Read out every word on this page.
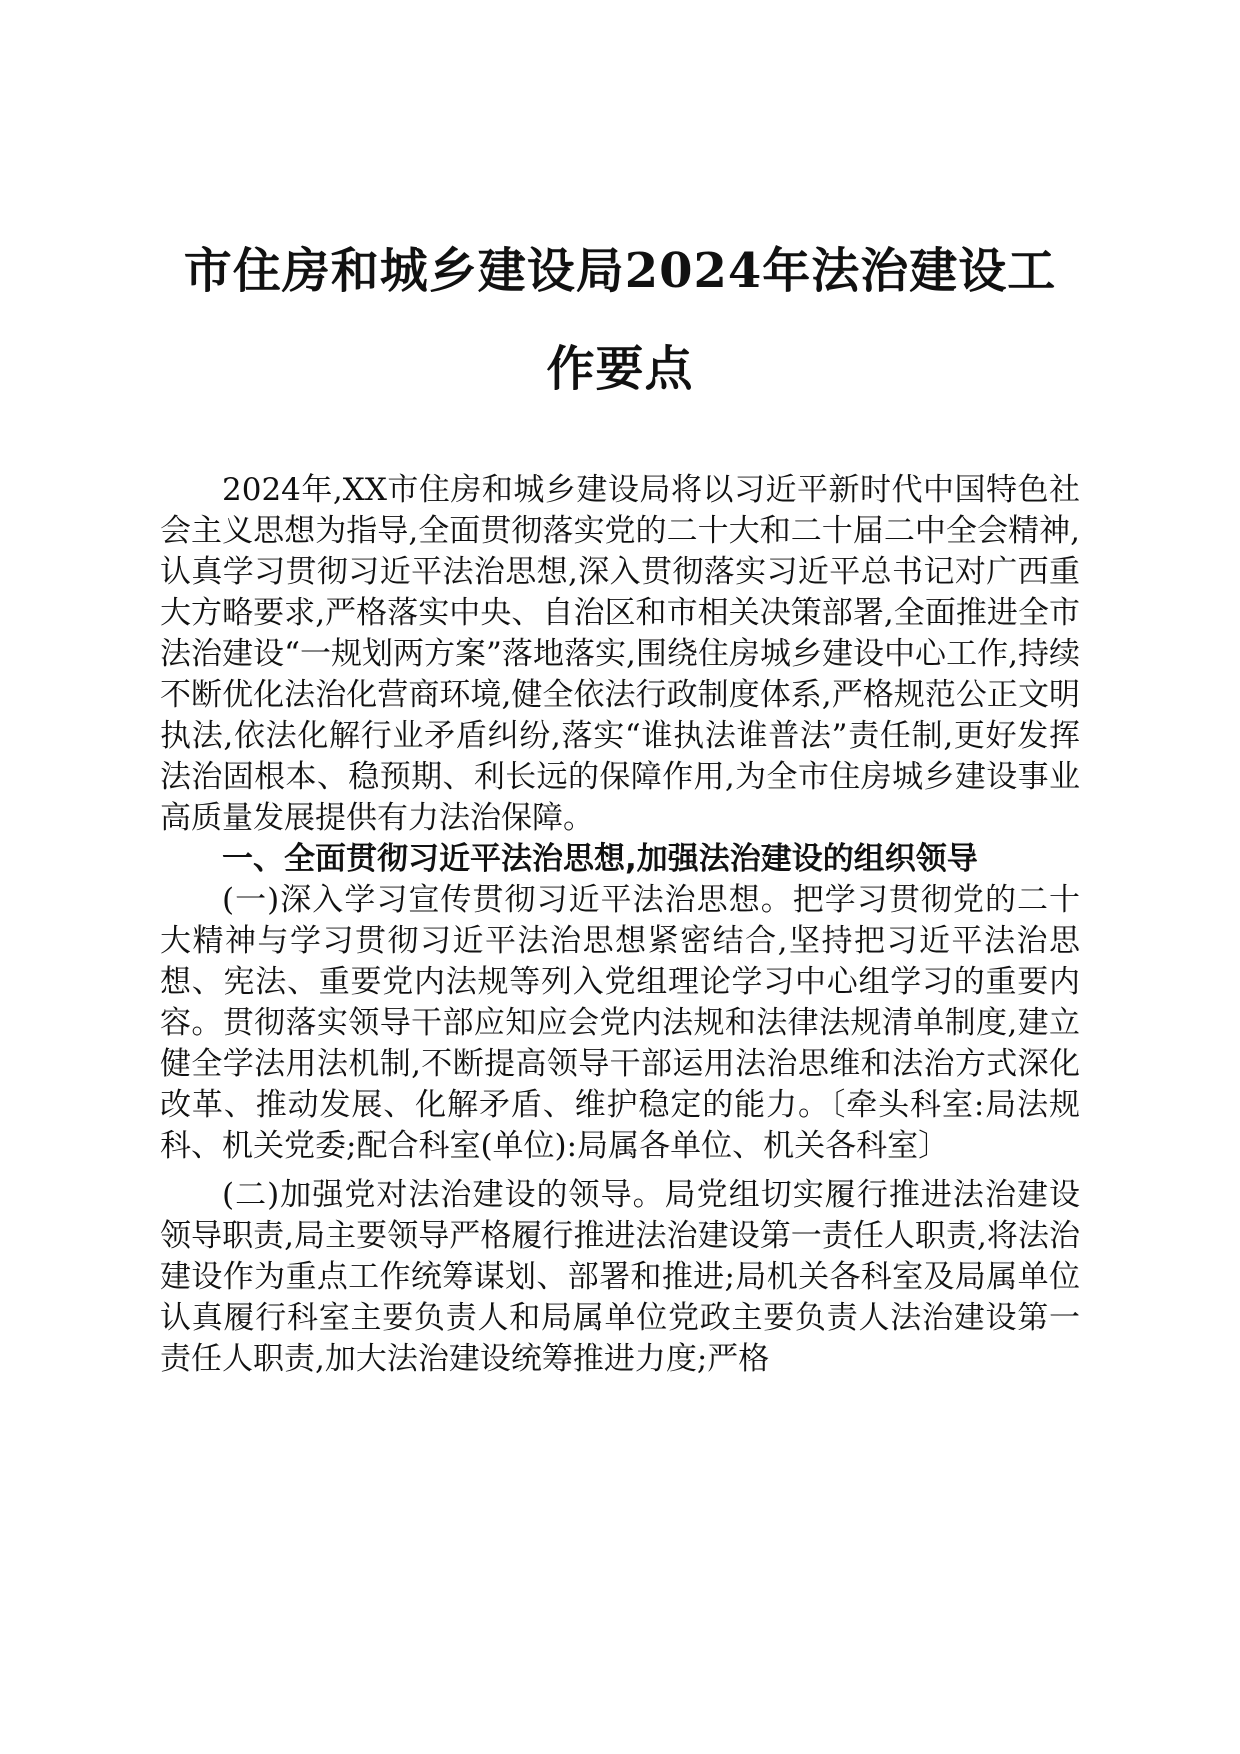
市住房和城乡建设局2024年法治建设工作要点

2024年,XX市住房和城乡建设局将以习近平新时代中国特色社会主义思想为指导,全面贯彻落实党的二十大和二十届二中全会精神,认真学习贯彻习近平法治思想,深入贯彻落实习近平总书记对广西重大方略要求,严格落实中央、自治区和市相关决策部署,全面推进全市法治建设“一规划两方案”落地落实,围绕住房城乡建设中心工作,持续不断优化法治化营商环境,健全依法行政制度体系,严格规范公正文明执法,依法化解行业矛盾纠纷,落实“谁执法谁普法”责任制,更好发挥法治固根本、稳预期、利长远的保障作用,为全市住房城乡建设事业高质量发展提供有力法治保障。

一、全面贯彻习近平法治思想,加强法治建设的组织领导

(一)深入学习宣传贯彻习近平法治思想。把学习贯彻党的二十大精神与学习贯彻习近平法治思想紧密结合,坚持把习近平法治思想、宪法、重要党内法规等列入党组理论学习中心组学习的重要内容。贯彻落实领导干部应知应会党内法规和法律法规清单制度,建立健全学法用法机制,不断提高领导干部运用法治思维和法治方式深化改革、推动发展、化解矛盾、维护稳定的能力。〔牵头科室:局法规科、机关党委;配合科室(单位):局属各单位、机关各科室〕

(二)加强党对法治建设的领导。局党组切实履行推进法治建设领导职责,局主要领导严格履行推进法治建设第一责任人职责,将法治建设作为重点工作统筹谋划、部署和推进;局机关各科室及局属单位认真履行科室主要负责人和局属单位党政主要负责人法治建设第一责任人职责,加大法治建设统筹推进力度;严格
